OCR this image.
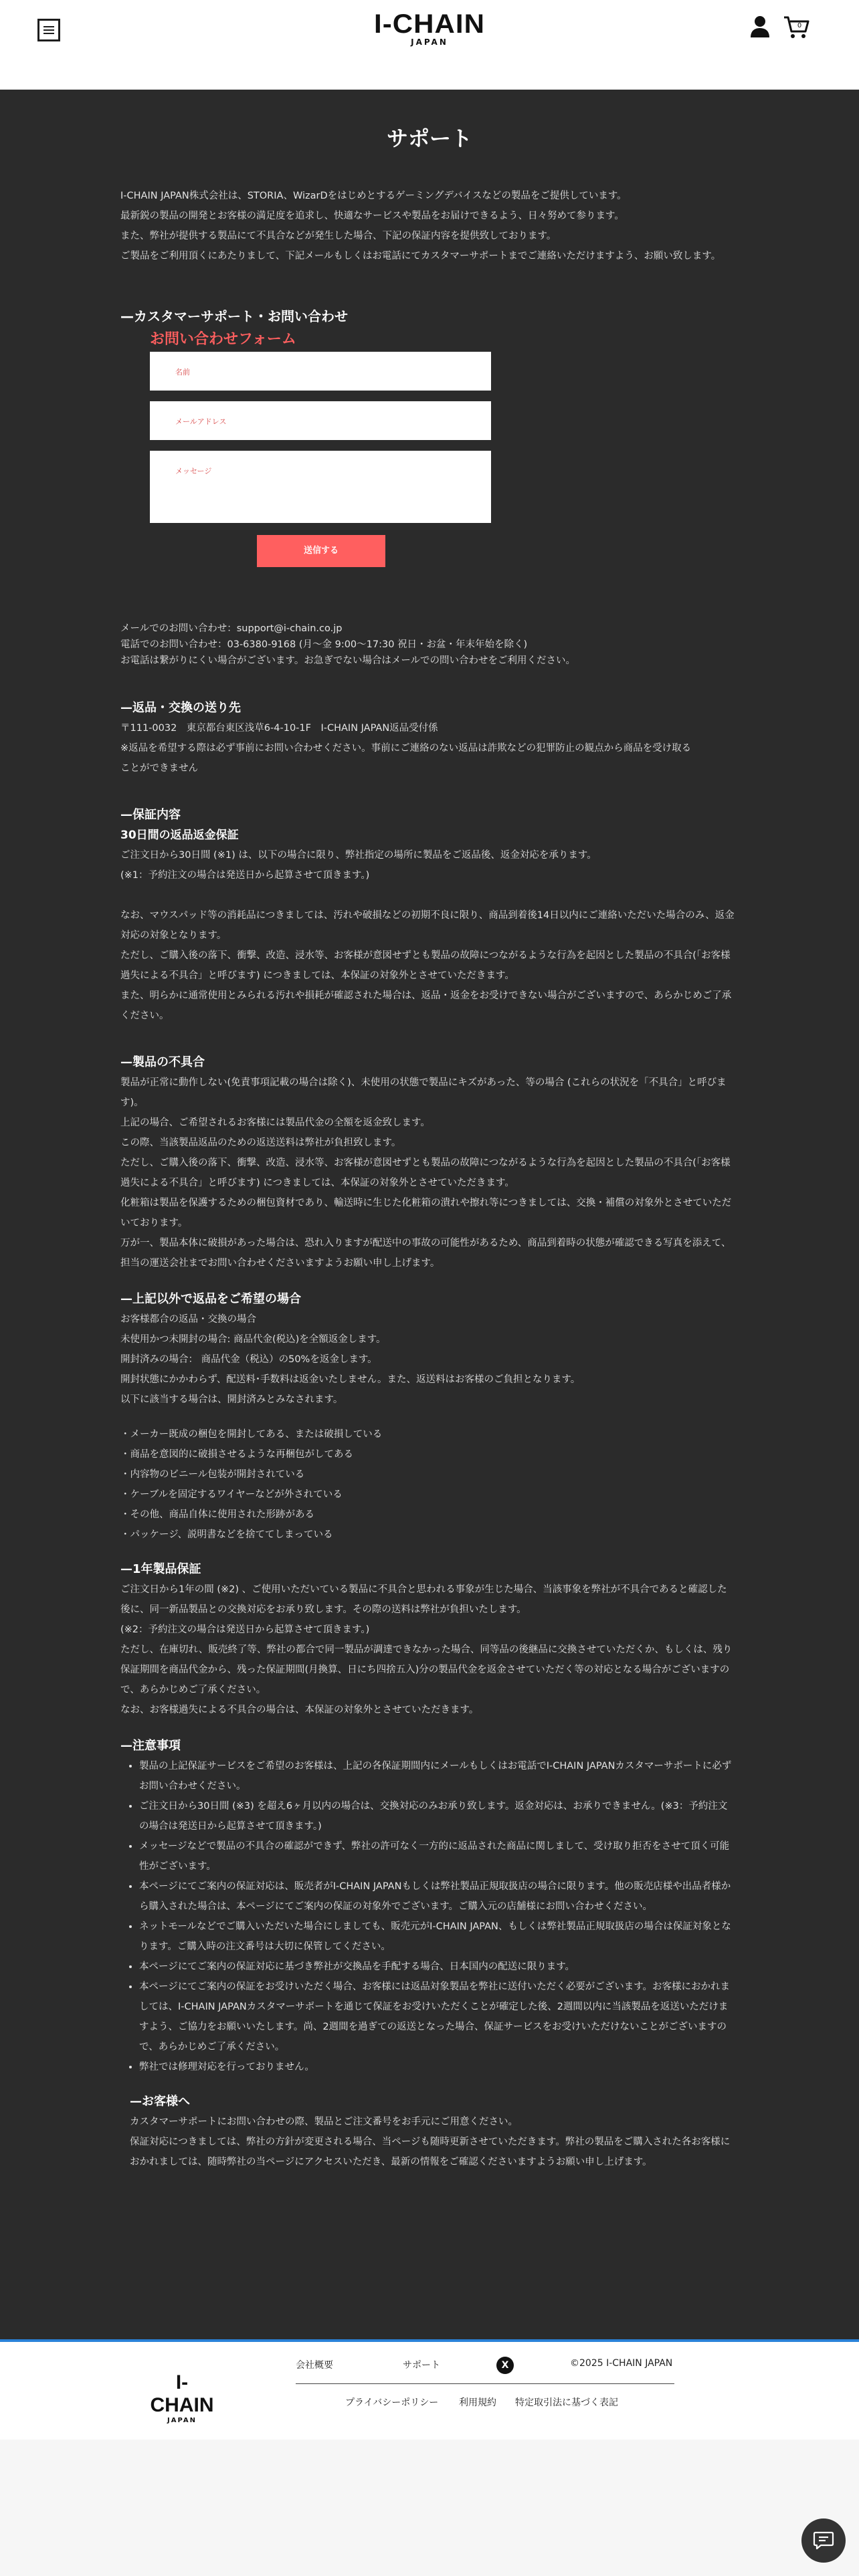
I-CHAIN
JAPAN
0
サポート

I-CHAIN JAPAN株式会社は、STORIA、WizarDをはじめとするゲーミングデバイスなどの製品をご提供しています。

最新鋭の製品の開発とお客様の満足度を追求し、快適なサービスや製品をお届けできるよう、日々努めて参ります。

また、弊社が提供する製品にて不具合などが発生した場合、下記の保証内容を提供致しております。

ご製品をご利用頂くにあたりまして、下記メールもしくはお電話にてカスタマーサポートまでご連絡いただけますよう、お願い致します。

—カスタマーサポート・お問い合わせ
お問い合わせフォーム
名前
メールアドレス
メッセージ
送信する

メールでのお問い合わせ：support@i-chain.co.jp

電話でのお問い合わせ：03-6380-9168 (月〜金 9:00〜17:30 祝日・お盆・年末年始を除く)

お電話は繋がりにくい場合がございます。お急ぎでない場合はメールでの問い合わせをご利用ください。

—返品・交換の送り先

〒111-0032　東京都台東区浅草6-4-10-1F　I-CHAIN JAPAN返品受付係

※返品を希望する際は必ず事前にお問い合わせください。事前にご連絡のない返品は詐欺などの犯罪防止の観点から商品を受け取る

ことができません

—保証内容
30日間の返品返金保証

ご注文日から30日間 (※1) は、以下の場合に限り、弊社指定の場所に製品をご返品後、返金対応を承ります。

(※1：予約注文の場合は発送日から起算させて頂きます。)

なお、マウスパッド等の消耗品につきましては、汚れや破損などの初期不良に限り、商品到着後14日以内にご連絡いただいた場合のみ、返金対応の対象となります。

ただし、ご購入後の落下、衝撃、改造、浸水等、お客様が意図せずとも製品の故障につながるような行為を起因とした製品の不具合(「お客様過失による不具合」と呼びます) につきましては、本保証の対象外とさせていただきます。

また、明らかに通常使用とみられる汚れや損耗が確認された場合は、返品・返金をお受けできない場合がございますので、あらかじめご了承ください。

—製品の不具合

製品が正常に動作しない(免責事項記載の場合は除く)、未使用の状態で製品にキズがあった、等の場合 (これらの状況を「不具合」と呼びます)。

上記の場合、ご希望されるお客様には製品代金の全額を返金致します。

この際、当該製品返品のための返送送料は弊社が負担致します。

ただし、ご購入後の落下、衝撃、改造、浸水等、お客様が意図せずとも製品の故障につながるような行為を起因とした製品の不具合(「お客様過失による不具合」と呼びます) につきましては、本保証の対象外とさせていただきます。

化粧箱は製品を保護するための梱包資材であり、輸送時に生じた化粧箱の潰れや擦れ等につきましては、交換・補償の対象外とさせていただいております。

万が一、製品本体に破損があった場合は、恐れ入りますが配送中の事故の可能性があるため、商品到着時の状態が確認できる写真を添えて、担当の運送会社までお問い合わせくださいますようお願い申し上げます。

—上記以外で返品をご希望の場合

お客様都合の返品・交換の場合

未使用かつ未開封の場合: 商品代金(税込)を全額返金します。

開封済みの場合： 商品代金（税込）の50%を返金します。

開封状態にかかわらず、配送料･手数料は返金いたしません。また、返送料はお客様のご負担となります。

以下に該当する場合は、開封済みとみなされます。

・メーカー既成の梱包を開封してある、または破損している
・商品を意図的に破損させるような再梱包がしてある
・内容物のビニール包装が開封されている
・ケーブルを固定するワイヤーなどが外されている
・その他、商品自体に使用された形跡がある
・パッケージ、説明書などを捨ててしまっている
—1年製品保証

ご注文日から1年の間 (※2) 、ご使用いただいている製品に不具合と思われる事象が生じた場合、当該事象を弊社が不具合であると確認した後に、同一新品製品との交換対応をお承り致します。その際の送料は弊社が負担いたします。

(※2：予約注文の場合は発送日から起算させて頂きます。)

ただし、在庫切れ、販売終了等、弊社の都合で同一製品が調達できなかった場合、同等品の後継品に交換させていただくか、もしくは、残り保証期間を商品代金から、残った保証期間(月換算、日にち四捨五入)分の製品代金を返金させていただく等の対応となる場合がございますので、あらかじめご了承ください。

なお、お客様過失による不具合の場合は、本保証の対象外とさせていただきます。

—注意事項
• 製品の上記保証サービスをご希望のお客様は、上記の各保証期間内にメールもしくはお電話でI-CHAIN JAPANカスタマーサポートに必ずお問い合わせください。
• ご注文日から30日間 (※3) を超え6ヶ月以内の場合は、交換対応のみお承り致します。返金対応は、お承りできません。(※3：予約注文の場合は発送日から起算させて頂きます。)
• メッセージなどで製品の不具合の確認ができず、弊社の許可なく一方的に返品された商品に関しまして、受け取り拒否をさせて頂く可能性がございます。
• 本ページにてご案内の保証対応は、販売者がI-CHAIN JAPANもしくは弊社製品正規取扱店の場合に限ります。他の販売店様や出品者様から購入された場合は、本ページにてご案内の保証の対象外でございます。ご購入元の店舗様にお問い合わせください。
• ネットモールなどでご購入いただいた場合にしましても、販売元がI-CHAIN JAPAN、もしくは弊社製品正規取扱店の場合は保証対象となります。ご購入時の注文番号は大切に保管してください。
• 本ページにてご案内の保証対応に基づき弊社が交換品を手配する場合、日本国内の配送に限ります。
• 本ページにてご案内の保証をお受けいただく場合、お客様には返品対象製品を弊社に送付いただく必要がございます。お客様におかれましては、I-CHAIN JAPANカスタマーサポートを通じて保証をお受けいただくことが確定した後、2週間以内に当該製品を返送いただけますよう、ご協力をお願いいたします。尚、2週間を過ぎての返送となった場合、保証サービスをお受けいただけないことがございますので、あらかじめご了承ください。
• 弊社では修理対応を行っておりません。
—お客様へ

カスタマーサポートにお問い合わせの際、製品とご注文番号をお手元にご用意ください。

保証対応につきましては、弊社の方針が変更される場合、当ページも随時更新させていただきます。弊社の製品をご購入された各お客様におかれましては、随時弊社の当ページにアクセスいただき、最新の情報をご確認くださいますようお願い申し上げます。

I-CHAIN
JAPAN
会社概要	サポート	X	©2025 I-CHAIN JAPAN
プライバシーポリシー 利用規約 特定取引法に基づく表記
